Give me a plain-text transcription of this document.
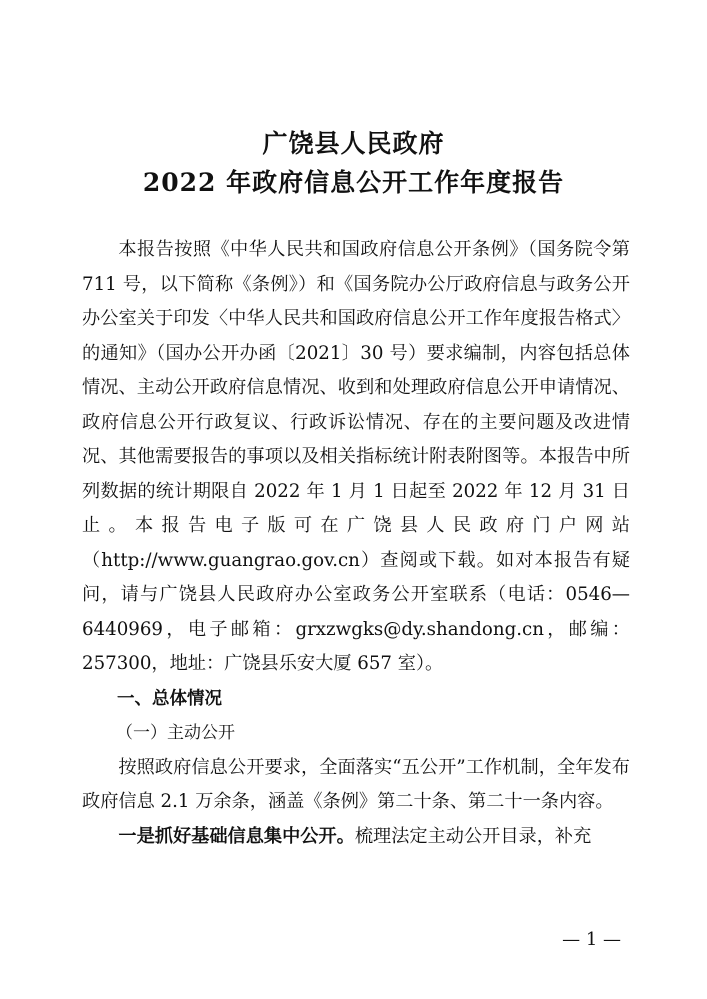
广饶县人民政府
2022 年政府信息公开工作年度报告

本报告按照《中华人民共和国政府信息公开条例》（国务院令第 711 号，以下简称《条例》）和《国务院办公厅政府信息与政务公开办公室关于印发〈中华人民共和国政府信息公开工作年度报告格式〉的通知》（国办公开办函〔2021〕30 号）要求编制，内容包括总体情况、主动公开政府信息情况、收到和处理政府信息公开申请情况、政府信息公开行政复议、行政诉讼情况、存在的主要问题及改进情况、其他需要报告的事项以及相关指标统计附表附图等。本报告中所列数据的统计期限自 2022 年 1 月 1 日起至 2022 年 12 月 31 日止。本报告电子版可在广饶县人民政府门户网站（http://www.guangrao.gov.cn）查阅或下载。如对本报告有疑问，请与广饶县人民政府办公室政务公开室联系（电话：0546—6440969，电子邮箱：grxzwgks@dy.shandong.cn，邮编：257300，地址：广饶县乐安大厦 657 室）。

一、总体情况

（一）主动公开

按照政府信息公开要求，全面落实“五公开”工作机制，全年发布政府信息 2.1 万余条，涵盖《条例》第二十条、第二十一条内容。

一是抓好基础信息集中公开。梳理法定主动公开目录，补充

— 1 —
